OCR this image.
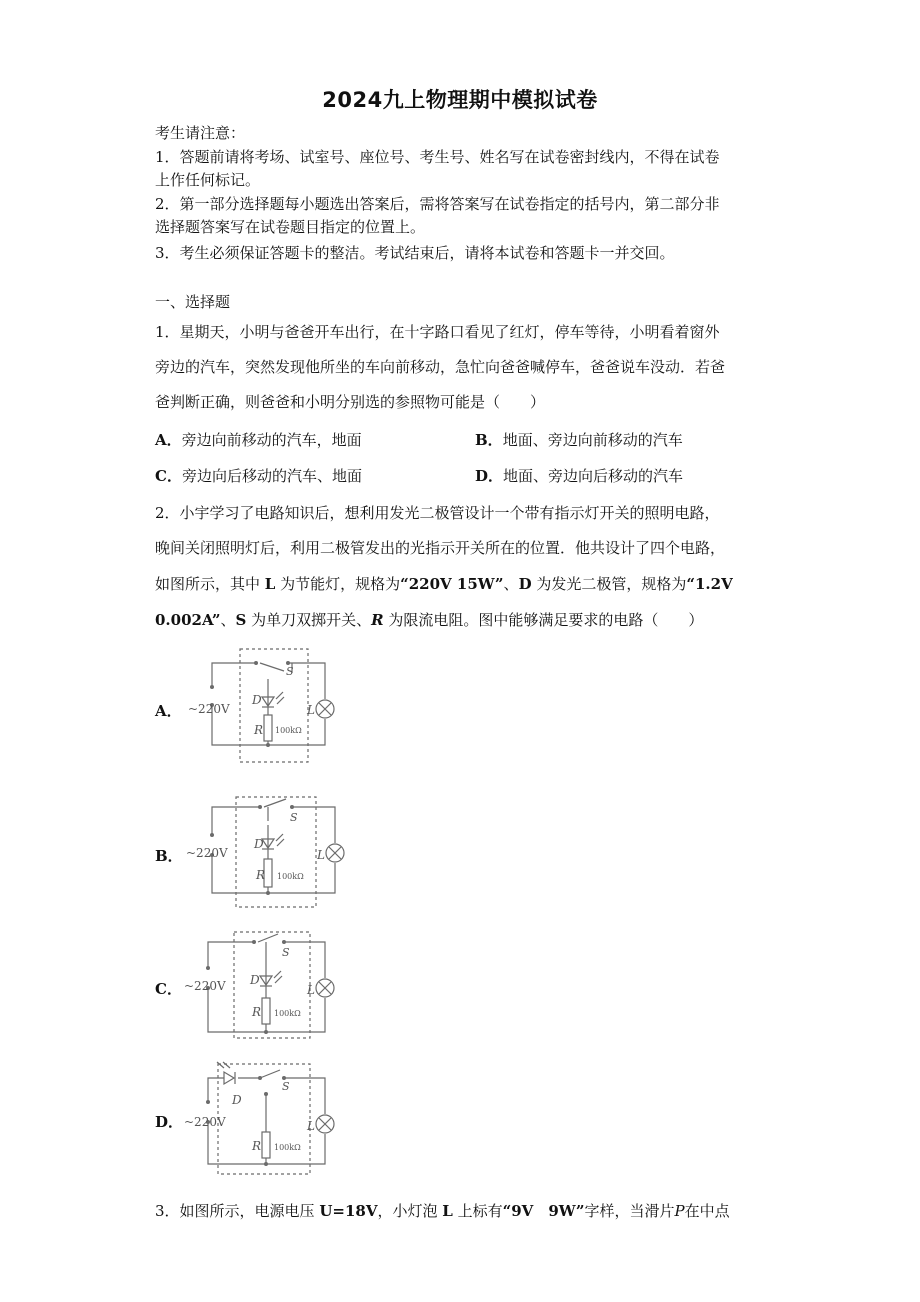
2024九上物理期中模拟试卷
考生请注意：
1．答题前请将考场、试室号、座位号、考生号、姓名写在试卷密封线内，不得在试卷
上作任何标记。
2．第一部分选择题每小题选出答案后，需将答案写在试卷指定的括号内，第二部分非
选择题答案写在试卷题目指定的位置上。
3．考生必须保证答题卡的整洁。考试结束后，请将本试卷和答题卡一并交回。
一、选择题
1．星期天，小明与爸爸开车出行，在十字路口看见了红灯，停车等待，小明看着窗外
旁边的汽车，突然发现他所坐的车向前移动，急忙向爸爸喊停车，爸爸说车没动．若爸
爸判断正确，则爸爸和小明分别选的参照物可能是（　　）
A．旁边向前移动的汽车，地面	B．地面、旁边向前移动的汽车
C．旁边向后移动的汽车、地面	D．地面、旁边向后移动的汽车
2．小宇学习了电路知识后，想利用发光二极管设计一个带有指示灯开关的照明电路，
晚间关闭照明灯后，利用二极管发出的光指示开关所在的位置．他共设计了四个电路，
如图所示，其中 L 为节能灯，规格为“220V 15W”、D 为发光二极管，规格为“1.2V
0.002A”、S 为单刀双掷开关、R 为限流电阻。图中能够满足要求的电路（　　）
A． ~220V
D
S
R 100kΩ
L
B． ~220V
D
S
R 100kΩ
L
C． ~220V D
S
R 100kΩ
L
D． ~220V
D
S
R 100kΩ
L
3．如图所示，电源电压 U=18V，小灯泡 L 上标有“9V　9W”字样，当滑片P在中点
